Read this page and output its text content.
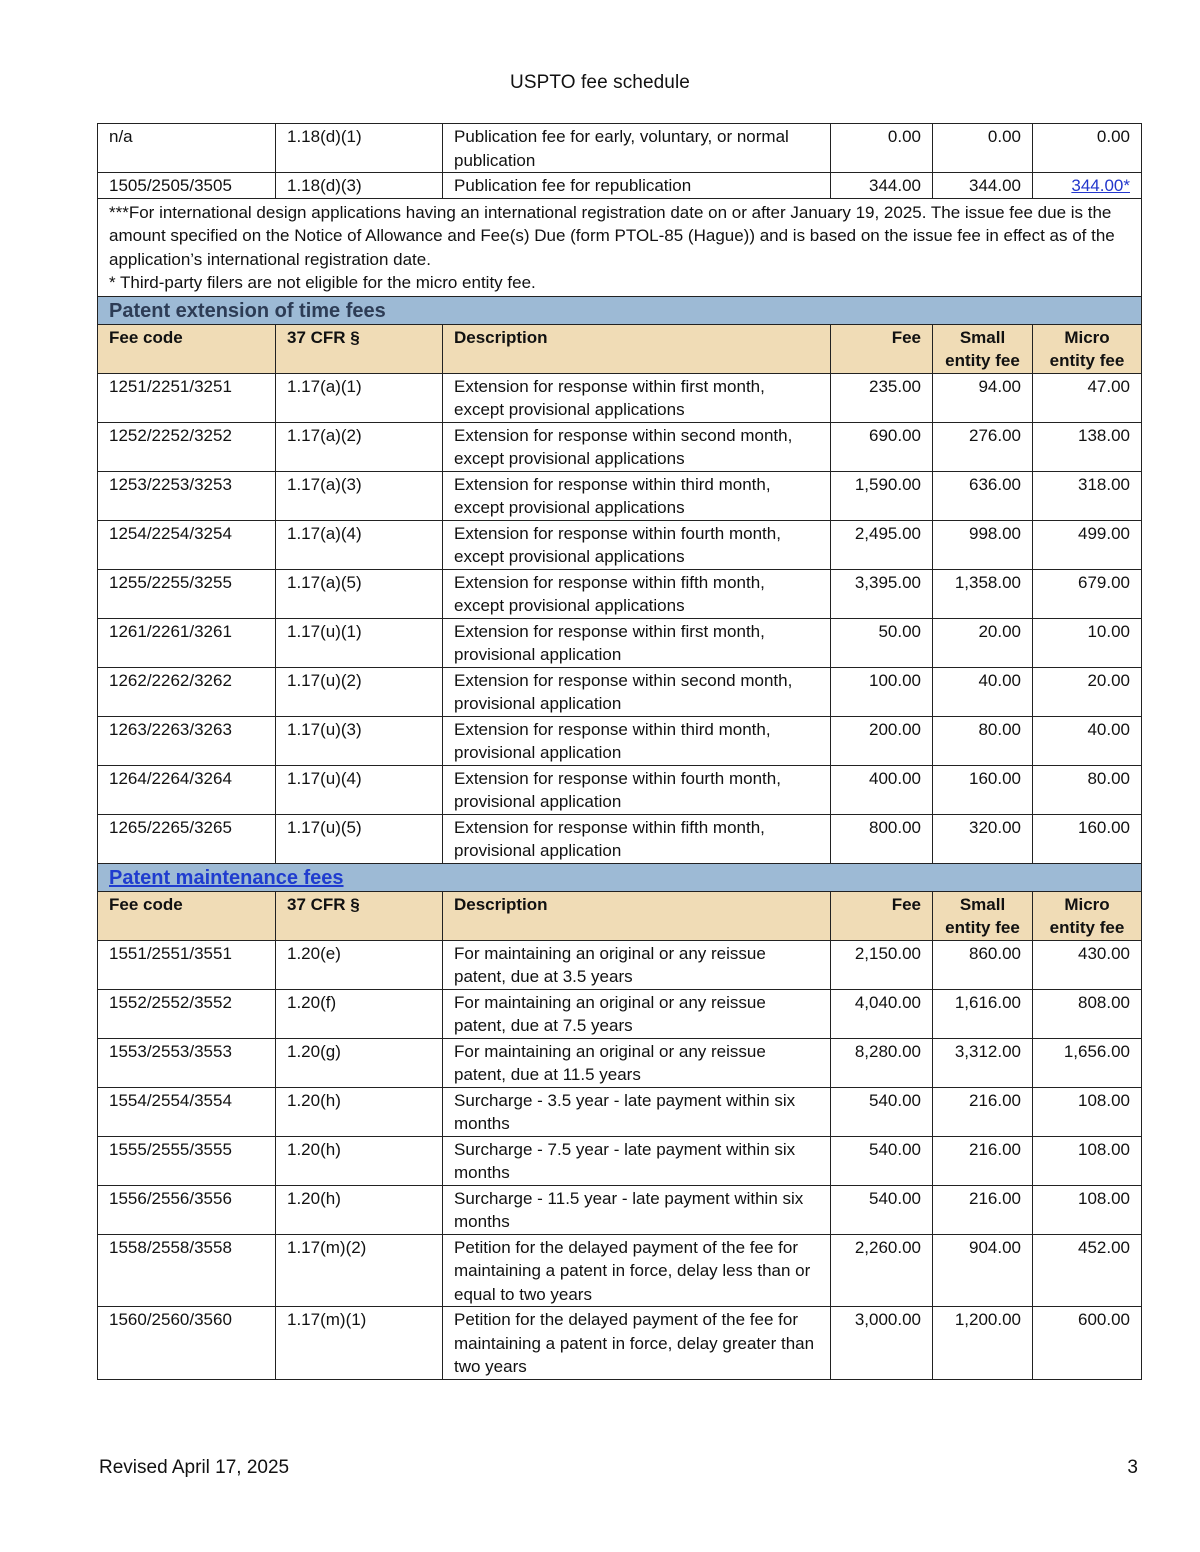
USPTO fee schedule
n/a	1.18(d)(1)	Publication fee for early, voluntary, or normal publication	0.00	0.00	0.00
1505/2505/3505	1.18(d)(3)	Publication fee for republication	344.00	344.00	344.00*

***For international design applications having an international registration date on or after January 19, 2025. The issue fee due is the amount specified on the Notice of Allowance and Fee(s) Due (form PTOL-85 (Hague)) and is based on the issue fee in effect as of the application’s international registration date.
* Third-party filers are not eligible for the micro entity fee.					

Patent extension of time fees					
Fee code	37 CFR §	Description	Fee	Small entity fee	Micro entity fee
1251/2251/3251	1.17(a)(1)	Extension for response within first month, except provisional applications	235.00	94.00	47.00
1252/2252/3252	1.17(a)(2)	Extension for response within second month, except provisional applications	690.00	276.00	138.00
1253/2253/3253	1.17(a)(3)	Extension for response within third month, except provisional applications	1,590.00	636.00	318.00
1254/2254/3254	1.17(a)(4)	Extension for response within fourth month, except provisional applications	2,495.00	998.00	499.00
1255/2255/3255	1.17(a)(5)	Extension for response within fifth month, except provisional applications	3,395.00	1,358.00	679.00
1261/2261/3261	1.17(u)(1)	Extension for response within first month, provisional application	50.00	20.00	10.00
1262/2262/3262	1.17(u)(2)	Extension for response within second month, provisional application	100.00	40.00	20.00
1263/2263/3263	1.17(u)(3)	Extension for response within third month, provisional application	200.00	80.00	40.00
1264/2264/3264	1.17(u)(4)	Extension for response within fourth month, provisional application	400.00	160.00	80.00
1265/2265/3265	1.17(u)(5)	Extension for response within fifth month, provisional application	800.00	320.00	160.00
Patent maintenance fees					
Fee code	37 CFR §	Description	Fee	Small entity fee	Micro entity fee
1551/2551/3551	1.20(e)	For maintaining an original or any reissue patent, due at 3.5 years	2,150.00	860.00	430.00
1552/2552/3552	1.20(f)	For maintaining an original or any reissue patent, due at 7.5 years	4,040.00	1,616.00	808.00
1553/2553/3553	1.20(g)	For maintaining an original or any reissue patent, due at 11.5 years	8,280.00	3,312.00	1,656.00
1554/2554/3554	1.20(h)	Surcharge - 3.5 year - late payment within six months	540.00	216.00	108.00
1555/2555/3555	1.20(h)	Surcharge - 7.5 year - late payment within six months	540.00	216.00	108.00
1556/2556/3556	1.20(h)	Surcharge - 11.5 year - late payment within six months	540.00	216.00	108.00
1558/2558/3558	1.17(m)(2)	Petition for the delayed payment of the fee for maintaining a patent in force, delay less than or equal to two years	2,260.00	904.00	452.00
1560/2560/3560	1.17(m)(1)	Petition for the delayed payment of the fee for maintaining a patent in force, delay greater than two years	3,000.00	1,200.00	600.00
Revised April 17, 2025	3
